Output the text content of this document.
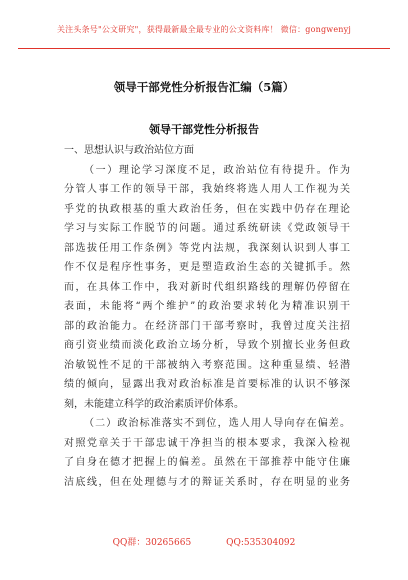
关注头条号"公文研究"，获得最新最全最专业的公文资料库！ 微信：gongwenyj
领导干部党性分析报告汇编（5篇）
领导干部党性分析报告
一、思想认识与政治站位方面
（一）理论学习深度不足，政治站位有待提升。作为
分管人事工作的领导干部，我始终将选人用人工作视为关
乎党的执政根基的重大政治任务，但在实践中仍存在理论
学习与实际工作脱节的问题。通过系统研读《党政领导干
部选拔任用工作条例》等党内法规，我深刻认识到人事工
作不仅是程序性事务，更是塑造政治生态的关键抓手。然
而，在具体工作中，我对新时代组织路线的理解仍停留在
表面，未能将“两个维护”的政治要求转化为精准识别干
部的政治能力。在经济部门干部考察时，我曾过度关注招
商引资业绩而淡化政治立场分析，导致个别擅长业务但政
治敏锐性不足的干部被纳入考察范围。这种重显绩、轻潜
绩的倾向，显露出我对政治标准是首要标准的认识不够深
刻，未能建立科学的政治素质评价体系。
（二）政治标准落实不到位，选人用人导向存在偏差。
对照党章关于干部忠诚干净担当的根本要求，我深入检视
了自身在德才把握上的偏差。虽然在干部推荐中能守住廉
洁底线，但在处理德与才的辩证关系时，存在明显的业务
QQ群：30265665	QQ:535304092
